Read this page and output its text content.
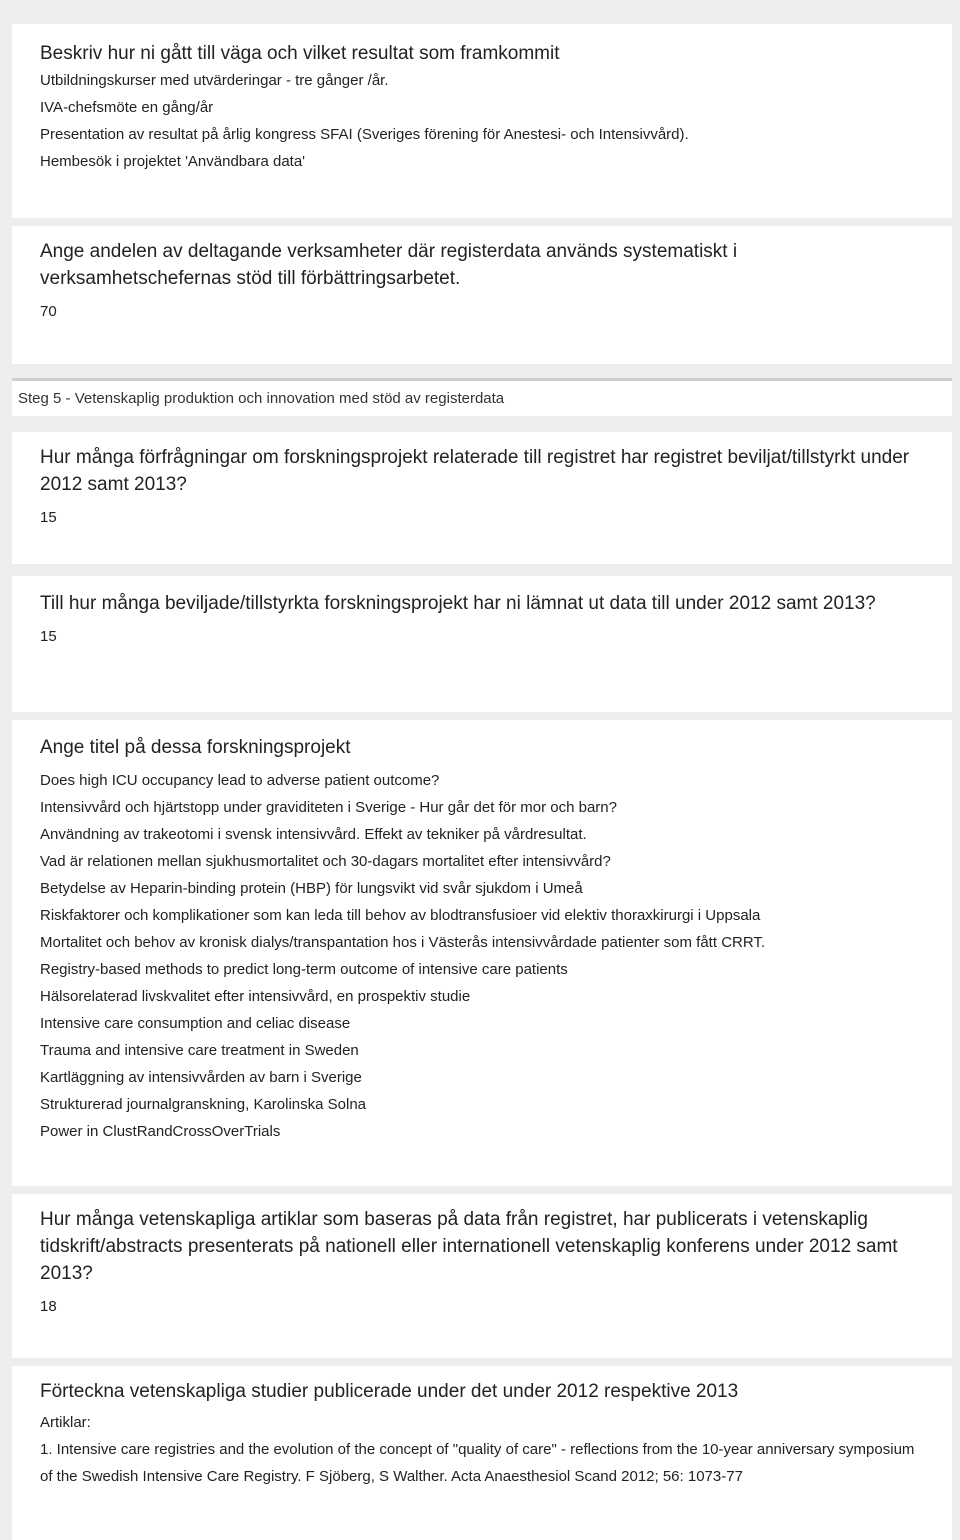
Beskriv hur ni gått till väga och vilket resultat som framkommit

Utbildningskurser med utvärderingar - tre gånger /år.

IVA-chefsmöte en gång/år

Presentation av resultat på årlig kongress SFAI (Sveriges förening för Anestesi- och Intensivvård).

Hembesök i projektet 'Användbara data'

Ange andelen av deltagande verksamheter där registerdata används systematiskt i verksamhetschefernas stöd till förbättringsarbetet.

70

Steg 5 - Vetenskaplig produktion och innovation med stöd av registerdata

Hur många förfrågningar om forskningsprojekt relaterade till registret har registret beviljat/tillstyrkt under 2012 samt 2013?

15

Till hur många beviljade/tillstyrkta forskningsprojekt har ni lämnat ut data till under 2012 samt 2013?

15

Ange titel på dessa forskningsprojekt

Does high ICU occupancy lead to adverse patient outcome?

Intensivvård och hjärtstopp under graviditeten i Sverige - Hur går det för mor och barn?

Användning av trakeotomi i svensk intensivvård. Effekt av tekniker på vårdresultat.

Vad är relationen mellan sjukhusmortalitet och 30-dagars mortalitet efter intensivvård?

Betydelse av Heparin-binding protein (HBP) för lungsvikt vid svår sjukdom i Umeå

Riskfaktorer och komplikationer som kan leda till behov av blodtransfusioer vid elektiv thoraxkirurgi i Uppsala

Mortalitet och behov av kronisk dialys/transpantation hos i Västerås intensivvårdade patienter som fått CRRT.

Registry-based methods to predict long-term outcome of intensive care patients

Hälsorelaterad livskvalitet efter intensivvård, en prospektiv studie

Intensive care consumption and celiac disease

Trauma and intensive care treatment in Sweden

Kartläggning av intensivvården av barn i Sverige

Strukturerad journalgranskning, Karolinska Solna

Power in ClustRandCrossOverTrials

Hur många vetenskapliga artiklar som baseras på data från registret, har publicerats i vetenskaplig tidskrift/abstracts presenterats på nationell eller internationell vetenskaplig konferens under 2012 samt 2013?

18

Förteckna vetenskapliga studier publicerade under det under 2012 respektive 2013

Artiklar:

1. Intensive care registries and the evolution of the concept of "quality of care" - reflections from the 10-year anniversary symposium of the Swedish Intensive Care Registry. F Sjöberg, S Walther. Acta Anaesthesiol Scand 2012; 56: 1073-77
